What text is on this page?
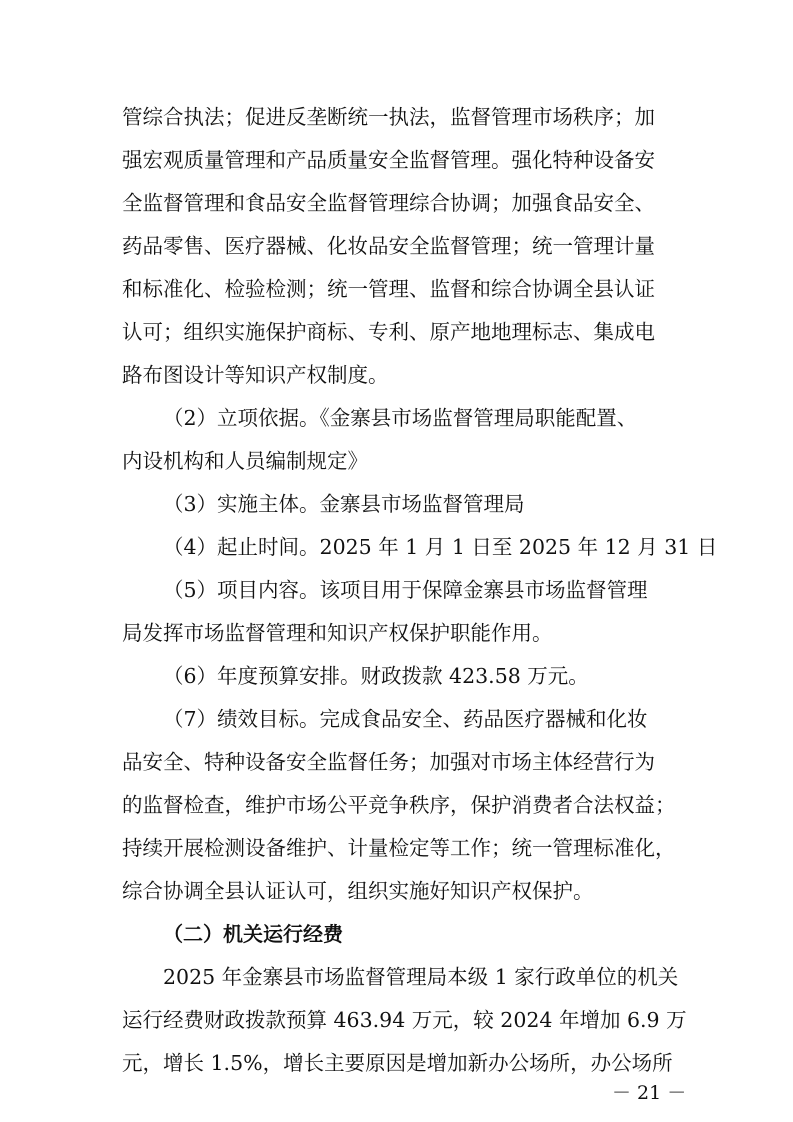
管综合执法；促进反垄断统一执法，监督管理市场秩序；加
强宏观质量管理和产品质量安全监督管理。强化特种设备安
全监督管理和食品安全监督管理综合协调；加强食品安全、
药品零售、医疗器械、化妆品安全监督管理；统一管理计量
和标准化、检验检测；统一管理、监督和综合协调全县认证
认可；组织实施保护商标、专利、原产地地理标志、集成电
路布图设计等知识产权制度。
（2）立项依据。《金寨县市场监督管理局职能配置、
内设机构和人员编制规定》
（3）实施主体。金寨县市场监督管理局
（4）起止时间。2025 年 1 月 1 日至 2025 年 12 月 31 日
（5）项目内容。该项目用于保障金寨县市场监督管理
局发挥市场监督管理和知识产权保护职能作用。
（6）年度预算安排。财政拨款 423.58 万元。
（7）绩效目标。完成食品安全、药品医疗器械和化妆
品安全、特种设备安全监督任务；加强对市场主体经营行为
的监督检查，维护市场公平竞争秩序，保护消费者合法权益；
持续开展检测设备维护、计量检定等工作；统一管理标准化，
综合协调全县认证认可，组织实施好知识产权保护。
（二）机关运行经费
2025 年金寨县市场监督管理局本级 1 家行政单位的机关
运行经费财政拨款预算 463.94 万元，较 2024 年增加 6.9 万
元，增长 1.5%，增长主要原因是增加新办公场所，办公场所
－ 21 －
